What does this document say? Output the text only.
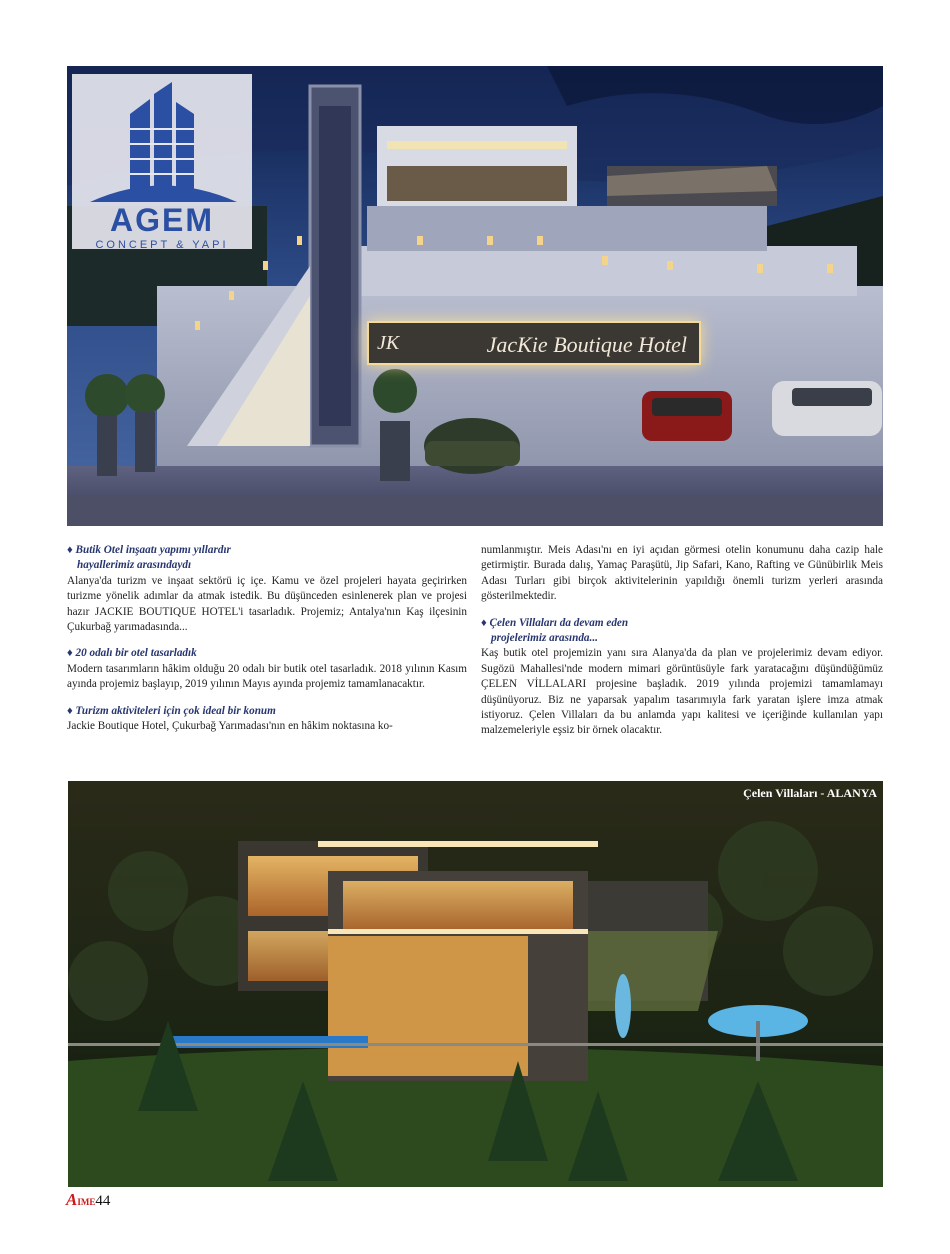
AGEM
CONCEPT & YAPI
JK	JacKie Boutique Hotel
♦ Butik Otel inşaatı yapımı yıllardır
hayallerimiz arasındaydı
Alanya'da turizm ve inşaat sektörü iç içe. Kamu ve özel projeleri hayata geçirirken turizme yönelik adımlar da atmak istedik. Bu düşünceden esinlenerek plan ve projesi hazır JACKIE BOUTIQUE HOTEL'i tasarladık. Projemiz; Antalya'nın Kaş ilçesinin Çukurbağ yarımadasında...
♦ 20 odalı bir otel tasarladık
Modern tasarımların hâkim olduğu 20 odalı bir butik otel tasarladık. 2018 yılının Kasım ayında projemiz başlayıp, 2019 yılının Mayıs ayında projemiz tamamlanacaktır.
♦ Turizm aktiviteleri için çok ideal bir konum
Jackie Boutique Hotel, Çukurbağ Yarımadası'nın en hâkim noktasına ko-
numlanmıştır. Meis Adası'nı en iyi açıdan görmesi otelin konumunu daha cazip hale getirmiştir. Burada dalış, Yamaç Paraşütü, Jip Safari, Kano, Rafting ve Günübirlik Meis Adası Turları gibi birçok aktivitelerinin yapıldığı önemli turizm yerleri arasında gösterilmektedir.
♦ Çelen Villaları da devam eden
projelerimiz arasında...
Kaş butik otel projemizin yanı sıra Alanya'da da plan ve projelerimiz devam ediyor. Sugözü Mahallesi'nde modern mimari görüntüsüyle fark yaratacağını düşündüğümüz ÇELEN VİLLALARI projesine başladık. 2019 yılında projemizi tamamlamayı düşünüyoruz. Biz ne yaparsak yapalım tasarımıyla fark yaratan işlere imza atmak istiyoruz. Çelen Villaları da bu anlamda yapı kalitesi ve içeriğinde kullanılan yapı malzemeleriyle eşsiz bir örnek olacaktır.
Çelen Villaları - ALANYA
AIME44
